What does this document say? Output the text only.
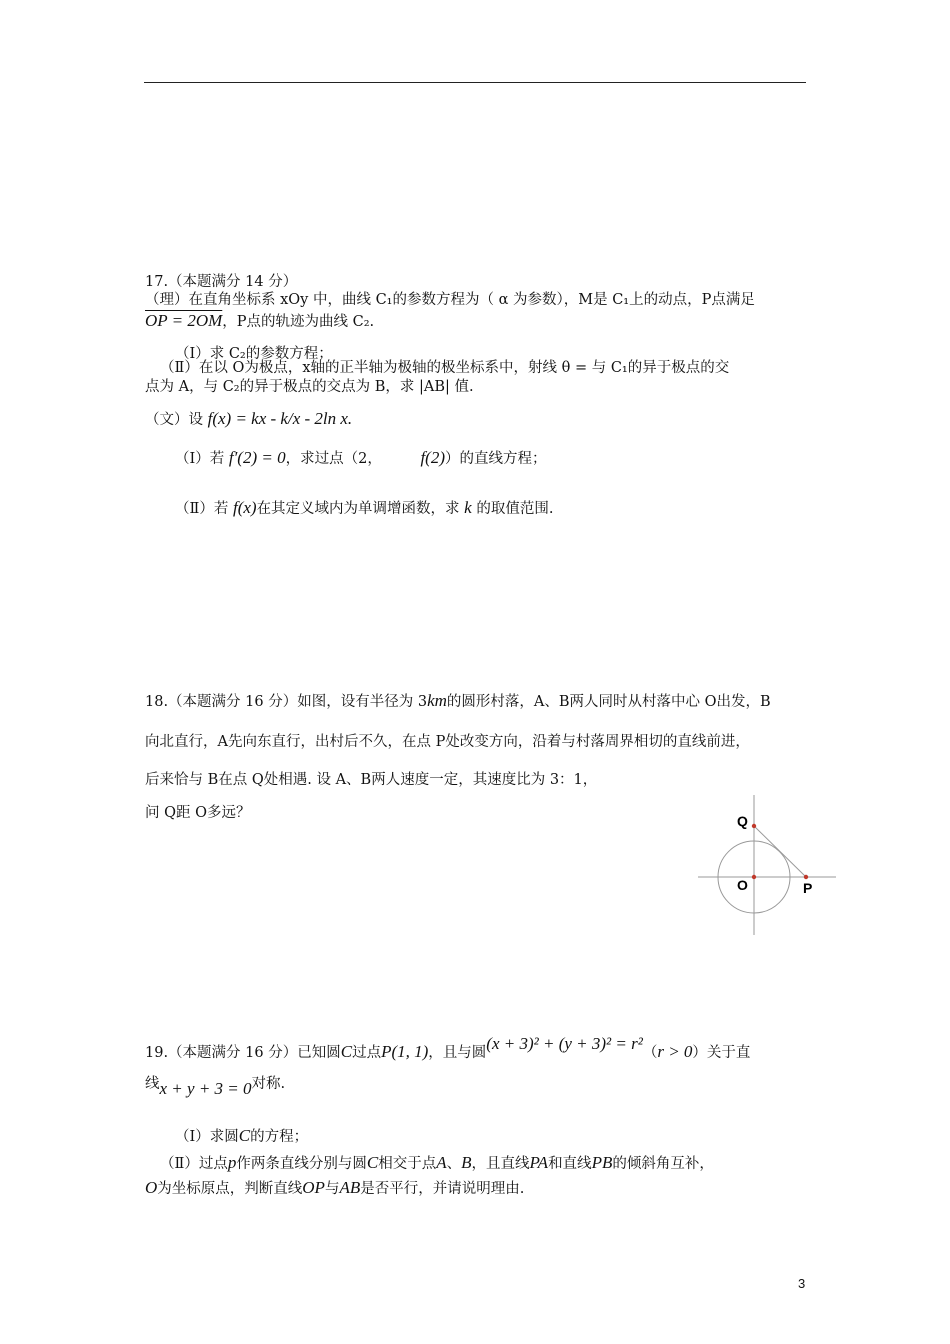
17.（本题满分 14 分）
（理）在直角坐标系 xOy 中，曲线 C₁的参数方程为（ α 为参数），M是 C₁上的动点，P点满足
OP = 2OM，P点的轨迹为曲线 C₂.
（Ⅰ）求 C₂的参数方程；
（Ⅱ）在以 O为极点，x轴的正半轴为极轴的极坐标系中，射线 θ = 与 C₁的异于极点的交
点为 A，与 C₂的异于极点的交点为 B，求 |AB| 值.
（文）设 f(x) = kx - k/x - 2ln x.
（Ⅰ）若 f′(2) = 0，求过点（2， f(2)）的直线方程；
（Ⅱ）若 f(x)在其定义域内为单调增函数，求 k 的取值范围.
18.（本题满分 16 分）如图，设有半径为 3km的圆形村落，A、B两人同时从村落中心 O出发，B
向北直行，A先向东直行，出村后不久，在点 P处改变方向，沿着与村落周界相切的直线前进，
后来恰与 B在点 Q处相遇. 设 A、B两人速度一定，其速度比为 3：1，
问 Q距 O多远？	Q
O	P
19.（本题满分 16 分）已知圆C过点P(1, 1)，且与圆(x + 3)² + (y + 3)² = r²（r > 0）关于直
线x + y + 3 = 0对称.
（Ⅰ）求圆C的方程；
（Ⅱ）过点p作两条直线分别与圆C相交于点A、B，且直线PA和直线PB的倾斜角互补，
O为坐标原点，判断直线OP与AB是否平行，并请说明理由.
3
